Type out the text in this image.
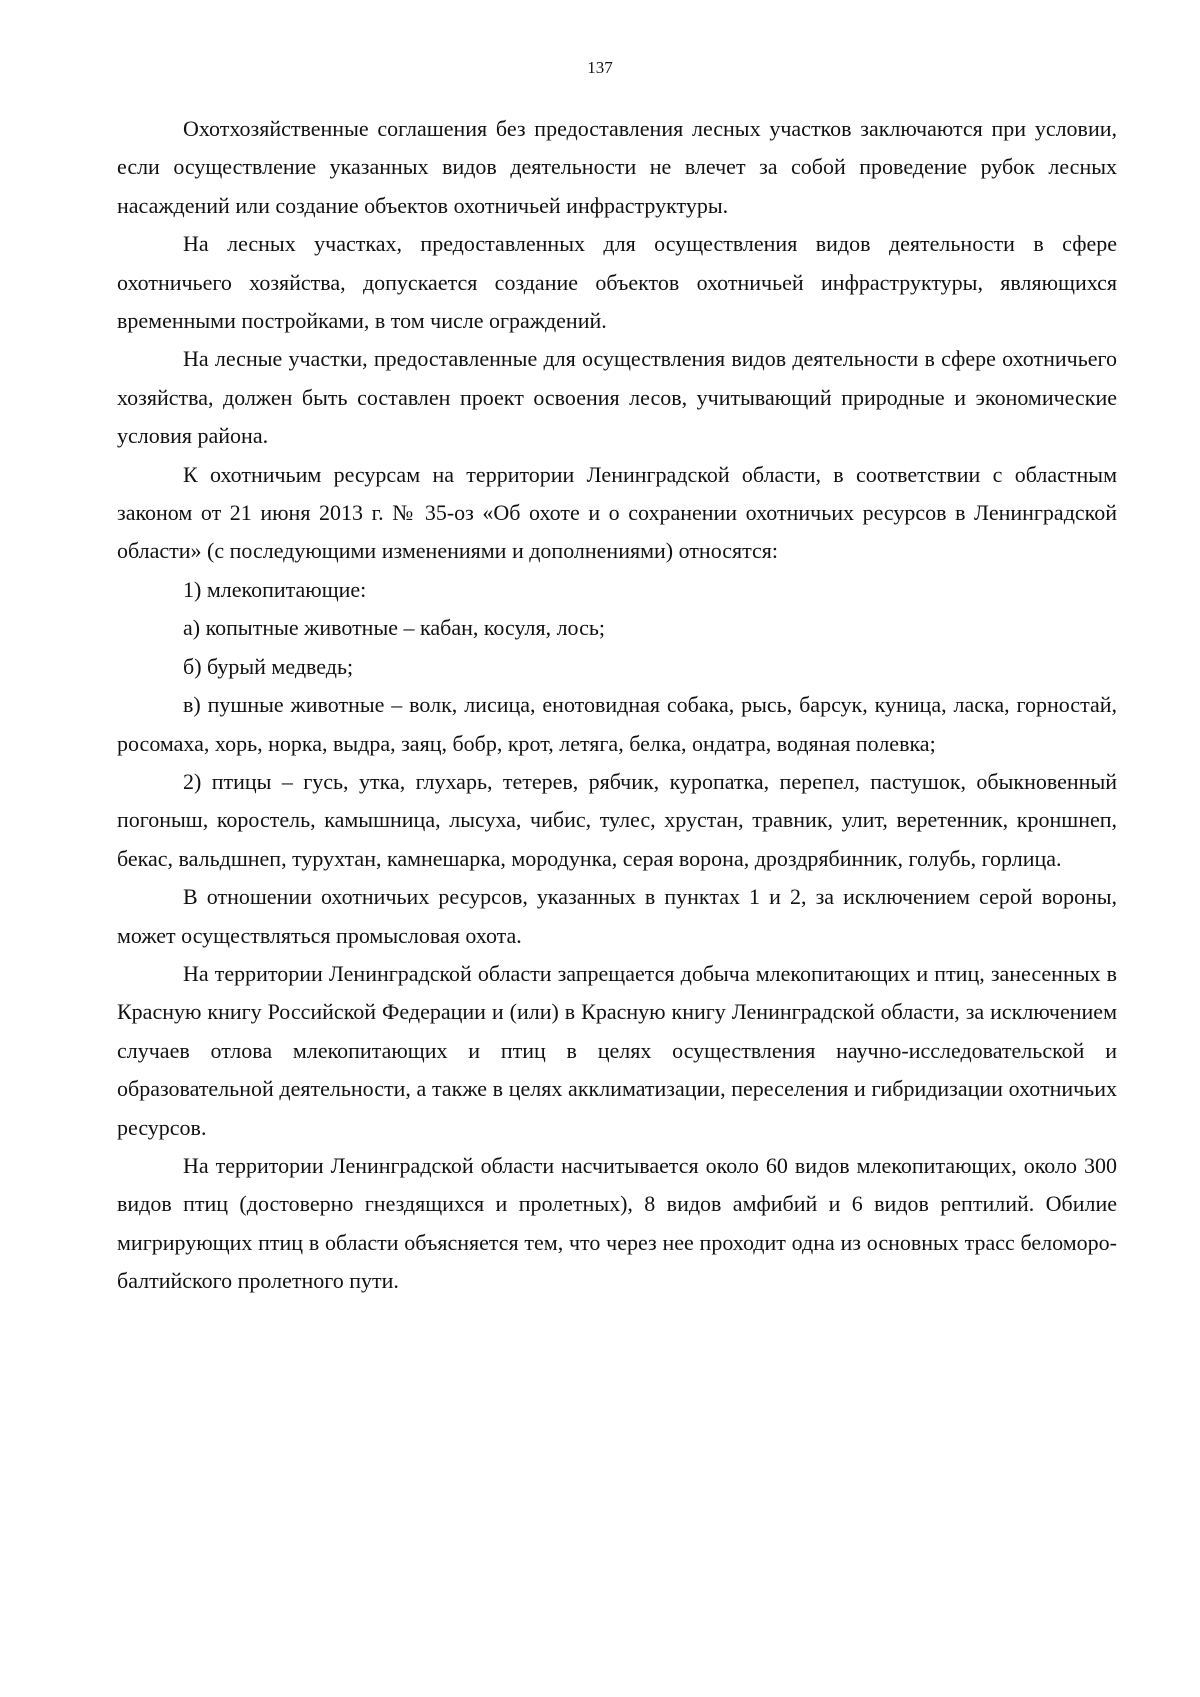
137

Охотхозяйственные соглашения без предоставления лесных участков заключаются при условии, если осуществление указанных видов деятельности не влечет за собой проведение рубок лесных насаждений или создание объектов охотничьей инфраструктуры.

На лесных участках, предоставленных для осуществления видов деятельности в сфере охотничьего хозяйства, допускается создание объектов охотничьей инфраструктуры, являющихся временными постройками, в том числе ограждений.

На лесные участки, предоставленные для осуществления видов деятельности в сфере охотничьего хозяйства, должен быть составлен проект освоения лесов, учитывающий природные и экономические условия района.

К охотничьим ресурсам на территории Ленинградской области, в соответствии с областным законом от 21 июня 2013 г. № 35-оз «Об охоте и о сохранении охотничьих ресурсов в Ленинградской области» (с последующими изменениями и дополнениями) относятся:

1) млекопитающие:

а) копытные животные – кабан, косуля, лось;

б) бурый медведь;

в) пушные животные – волк, лисица, енотовидная собака, рысь, барсук, куница, ласка, горностай, росомаха, хорь, норка, выдра, заяц, бобр, крот, летяга, белка, ондатра, водяная полевка;

2) птицы – гусь, утка, глухарь, тетерев, рябчик, куропатка, перепел, пастушок, обыкновенный погоныш, коростель, камышница, лысуха, чибис, тулес, хрустан, травник, улит, веретенник, кроншнеп, бекас, вальдшнеп, турухтан, камнешарка, мородунка, серая ворона, дроздрябинник, голубь, горлица.

В отношении охотничьих ресурсов, указанных в пунктах 1 и 2, за исключением серой вороны, может осуществляться промысловая охота.

На территории Ленинградской области запрещается добыча млекопитающих и птиц, занесенных в Красную книгу Российской Федерации и (или) в Красную книгу Ленинградской области, за исключением случаев отлова млекопитающих и птиц в целях осуществления научно-исследовательской и образовательной деятельности, а также в целях акклиматизации, переселения и гибридизации охотничьих ресурсов.

На территории Ленинградской области насчитывается около 60 видов млекопитающих, около 300 видов птиц (достоверно гнездящихся и пролетных), 8 видов амфибий и 6 видов рептилий. Обилие мигрирующих птиц в области объясняется тем, что через нее проходит одна из основных трасс беломоро-балтийского пролетного пути.
